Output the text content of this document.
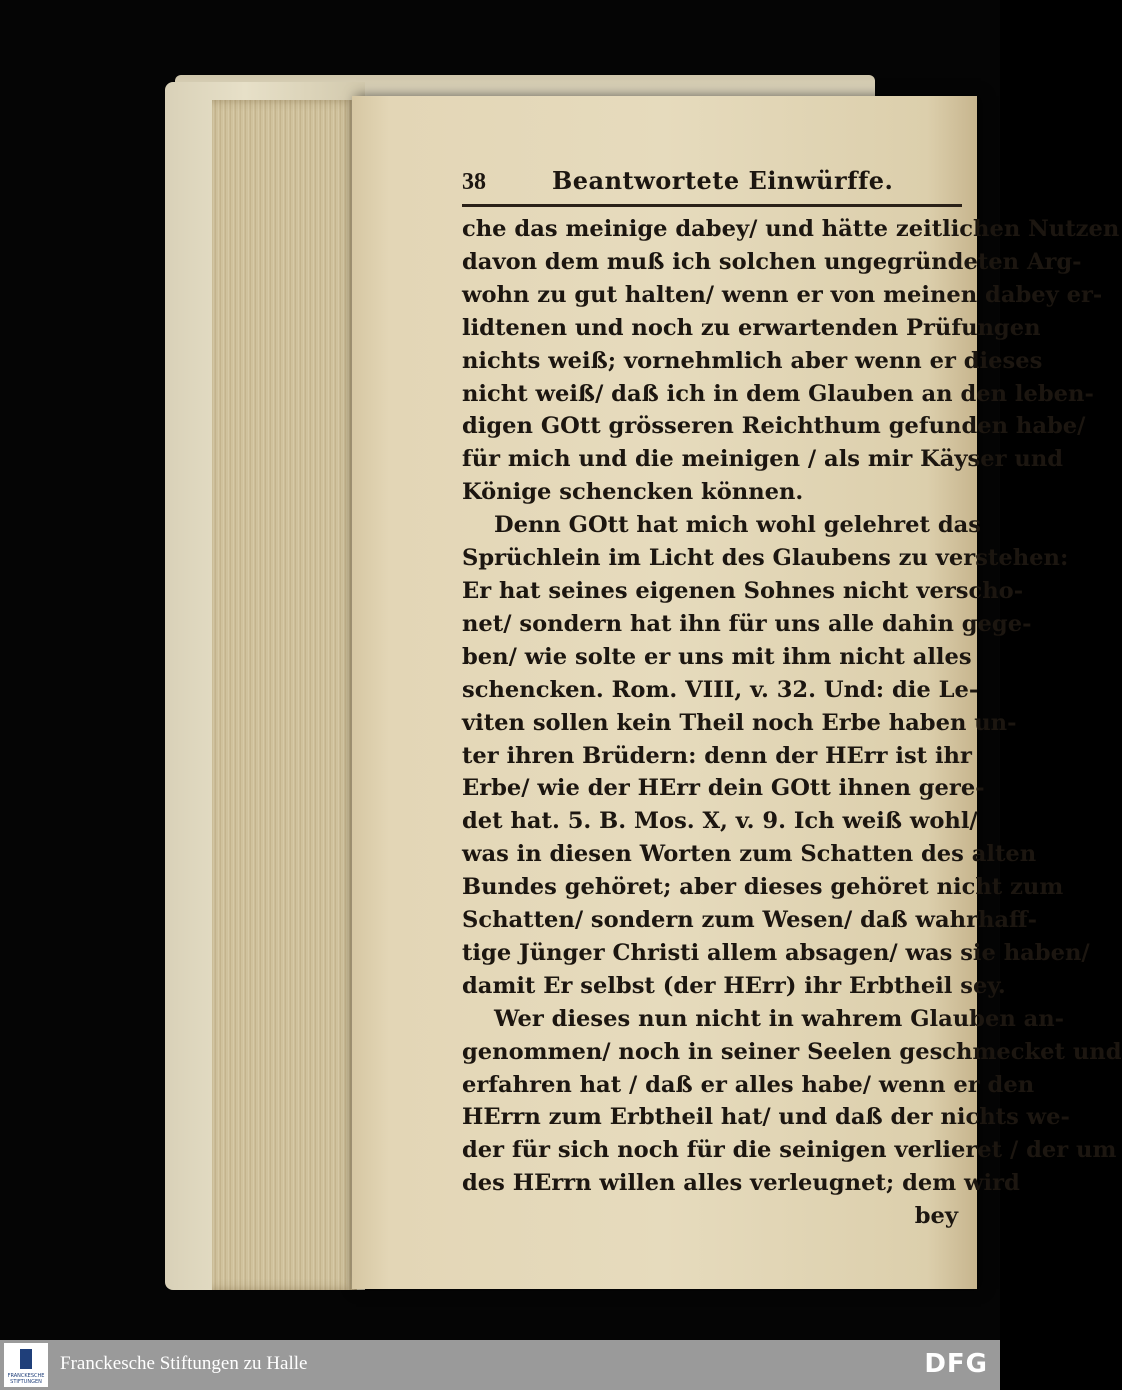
38	Beantwortete Einwürffe.
che das meinige dabey/ und hätte zeitlichen Nutzen
davon dem muß ich solchen ungegründeten Arg-
wohn zu gut halten/ wenn er von meinen dabey er-
lidtenen und noch zu erwartenden Prüfungen
nichts weiß; vornehmlich aber wenn er dieses
nicht weiß/ daß ich in dem Glauben an den leben-
digen GOtt grösseren Reichthum gefunden habe/
für mich und die meinigen / als mir Käyser und
Könige schencken können.
Denn GOtt hat mich wohl gelehret das
Sprüchlein im Licht des Glaubens zu verstehen:
Er hat seines eigenen Sohnes nicht verscho-
net/ sondern hat ihn für uns alle dahin gege-
ben/ wie solte er uns mit ihm nicht alles
schencken. Rom. VIII, v. 32. Und: die Le-
viten sollen kein Theil noch Erbe haben un-
ter ihren Brüdern: denn der HErr ist ihr
Erbe/ wie der HErr dein GOtt ihnen gere-
det hat. 5. B. Mos. X, v. 9. Ich weiß wohl/
was in diesen Worten zum Schatten des alten
Bundes gehöret; aber dieses gehöret nicht zum
Schatten/ sondern zum Wesen/ daß wahrhaff-
tige Jünger Christi allem absagen/ was sie haben/
damit Er selbst (der HErr) ihr Erbtheil sey.
Wer dieses nun nicht in wahrem Glauben an-
genommen/ noch in seiner Seelen geschmecket und
erfahren hat / daß er alles habe/ wenn er den
HErrn zum Erbtheil hat/ und daß der nichts we-
der für sich noch für die seinigen verlieret / der um
des HErrn willen alles verleugnet; dem wird
bey
FRANCKESCHE STIFTUNGEN
Franckesche Stiftungen zu Halle	DFG
